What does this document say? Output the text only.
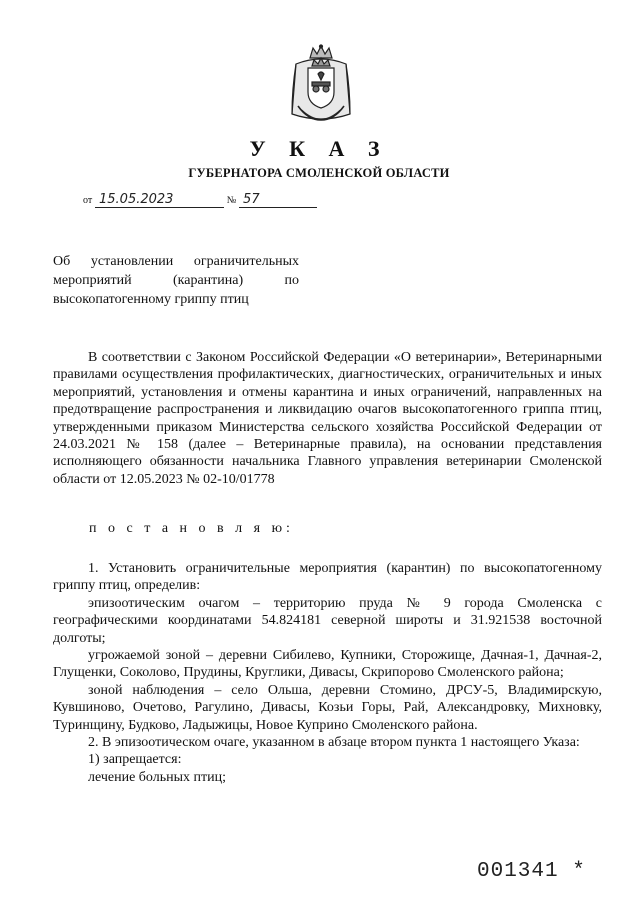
У К А З
ГУБЕРНАТОРА СМОЛЕНСКОЙ ОБЛАСТИ
от 15.05.2023	№ 57
Об установлении ограничительных
мероприятий (карантина) по
высокопатогенному гриппу птиц

В соответствии с Законом Российской Федерации «О ветеринарии», Ветеринарными правилами осуществления профилактических, диагностических, ограничительных и иных мероприятий, установления и отмены карантина и иных ограничений, направленных на предотвращение распространения и ликвидацию очагов высокопатогенного гриппа птиц, утвержденными приказом Министерства сельского хозяйства Российской Федерации от 24.03.2021 № 158 (далее – Ветеринарные правила), на основании представления исполняющего обязанности начальника Главного управления ветеринарии Смоленской области от 12.05.2023 № 02-10/01778

п о с т а н о в л я ю:

1. Установить ограничительные мероприятия (карантин) по высокопатогенному гриппу птиц, определив:

эпизоотическим очагом – территорию пруда № 9 города Смоленска с географическими координатами 54.824181 северной широты и 31.921538 восточной долготы;

угрожаемой зоной – деревни Сибилево, Купники, Сторожище, Дачная-1, Дачная-2, Глущенки, Соколово, Прудины, Круглики, Дивасы, Скрипорово Смоленского района;

зоной наблюдения – село Ольша, деревни Стомино, ДРСУ-5, Владимирскую, Кувшиново, Очетово, Рагулино, Дивасы, Козьи Горы, Рай, Александровку, Михновку, Туринщину, Будково, Ладыжицы, Новое Куприно Смоленского района.

2. В эпизоотическом очаге, указанном в абзаце втором пункта 1 настоящего Указа:

1) запрещается:

лечение больных птиц;

001341 *
